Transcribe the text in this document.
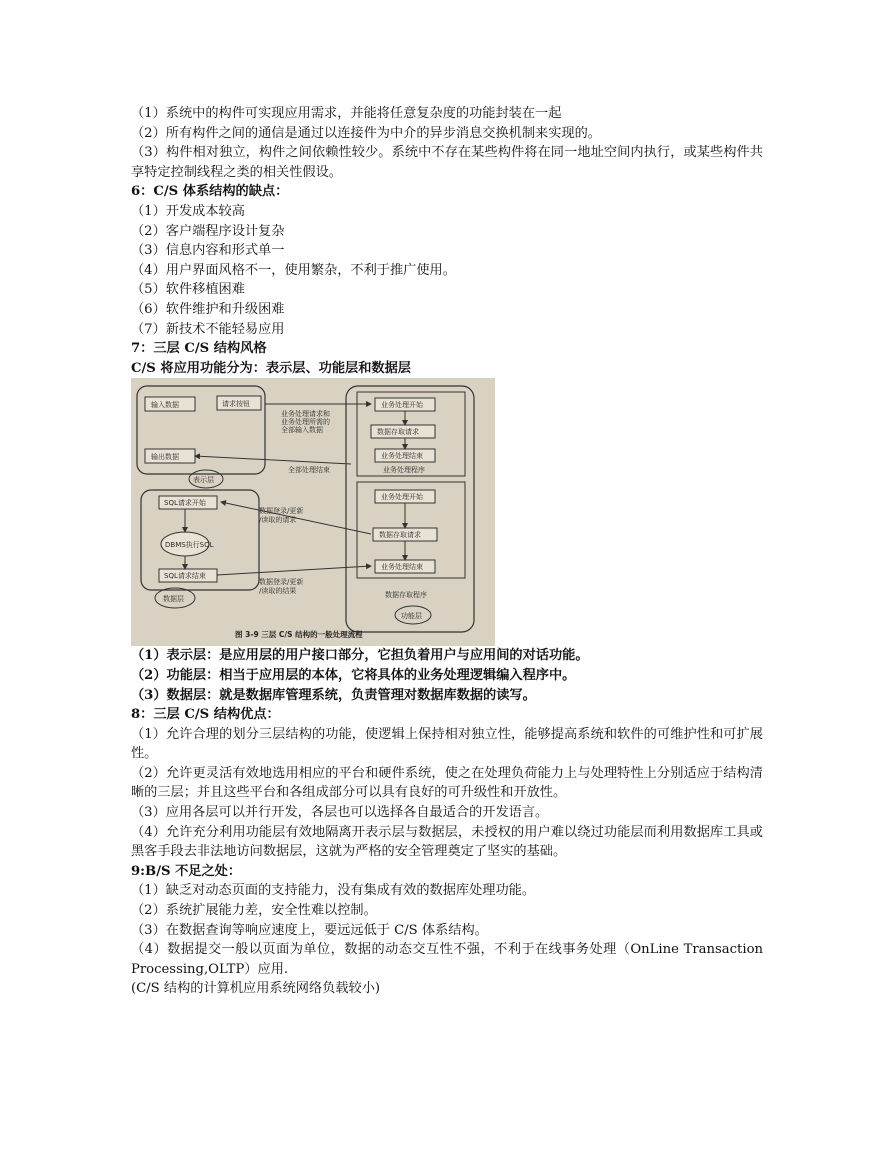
（1）系统中的构件可实现应用需求，并能将任意复杂度的功能封装在一起

（2）所有构件之间的通信是通过以连接件为中介的异步消息交换机制来实现的。

（3）构件相对独立，构件之间依赖性较少。系统中不存在某些构件将在同一地址空间内执行，或某些构件共享特定控制线程之类的相关性假设。

6：C/S 体系结构的缺点：

（1）开发成本较高

（2）客户端程序设计复杂

（3）信息内容和形式单一

（4）用户界面风格不一，使用繁杂，不利于推广使用。

（5）软件移植困难

（6）软件维护和升级困难

（7）新技术不能轻易应用

7：三层 C/S 结构风格

C/S 将应用功能分为：表示层、功能层和数据层

输入数据	请求按钮
输出数据
表示层
业务处理请求和
业务处理所需的
全部输入数据
全部处理结束
业务处理开始
数据存取请求
业务处理结束
业务处理程序
业务处理开始
数据存取请求
业务处理结束
数据存取程序
功能层
SQL请求开始
DBMS执行SQL
SQL请求结束
数据层
数据登录/更新
/读取的请求
数据登录/更新
/读取的结果
图 3-9 三层 C/S 结构的一般处理流程

（1）表示层：是应用层的用户接口部分，它担负着用户与应用间的对话功能。

（2）功能层：相当于应用层的本体，它将具体的业务处理逻辑编入程序中。

（3）数据层：就是数据库管理系统，负责管理对数据库数据的读写。

8：三层 C/S 结构优点：

（1）允许合理的划分三层结构的功能，使逻辑上保持相对独立性，能够提高系统和软件的可维护性和可扩展性。

（2）允许更灵活有效地选用相应的平台和硬件系统，使之在处理负荷能力上与处理特性上分别适应于结构清晰的三层；并且这些平台和各组成部分可以具有良好的可升级性和开放性。

（3）应用各层可以并行开发，各层也可以选择各自最适合的开发语言。

（4）允许充分利用功能层有效地隔离开表示层与数据层，未授权的用户难以绕过功能层而利用数据库工具或黑客手段去非法地访问数据层，这就为严格的安全管理奠定了坚实的基础。

9:B/S 不足之处：

（1）缺乏对动态页面的支持能力，没有集成有效的数据库处理功能。

（2）系统扩展能力差，安全性难以控制。

（3）在数据查询等响应速度上，要远远低于 C/S 体系结构。

（4）数据提交一般以页面为单位，数据的动态交互性不强，不利于在线事务处理（OnLine Transaction Processing,OLTP）应用.

(C/S 结构的计算机应用系统网络负载较小)
